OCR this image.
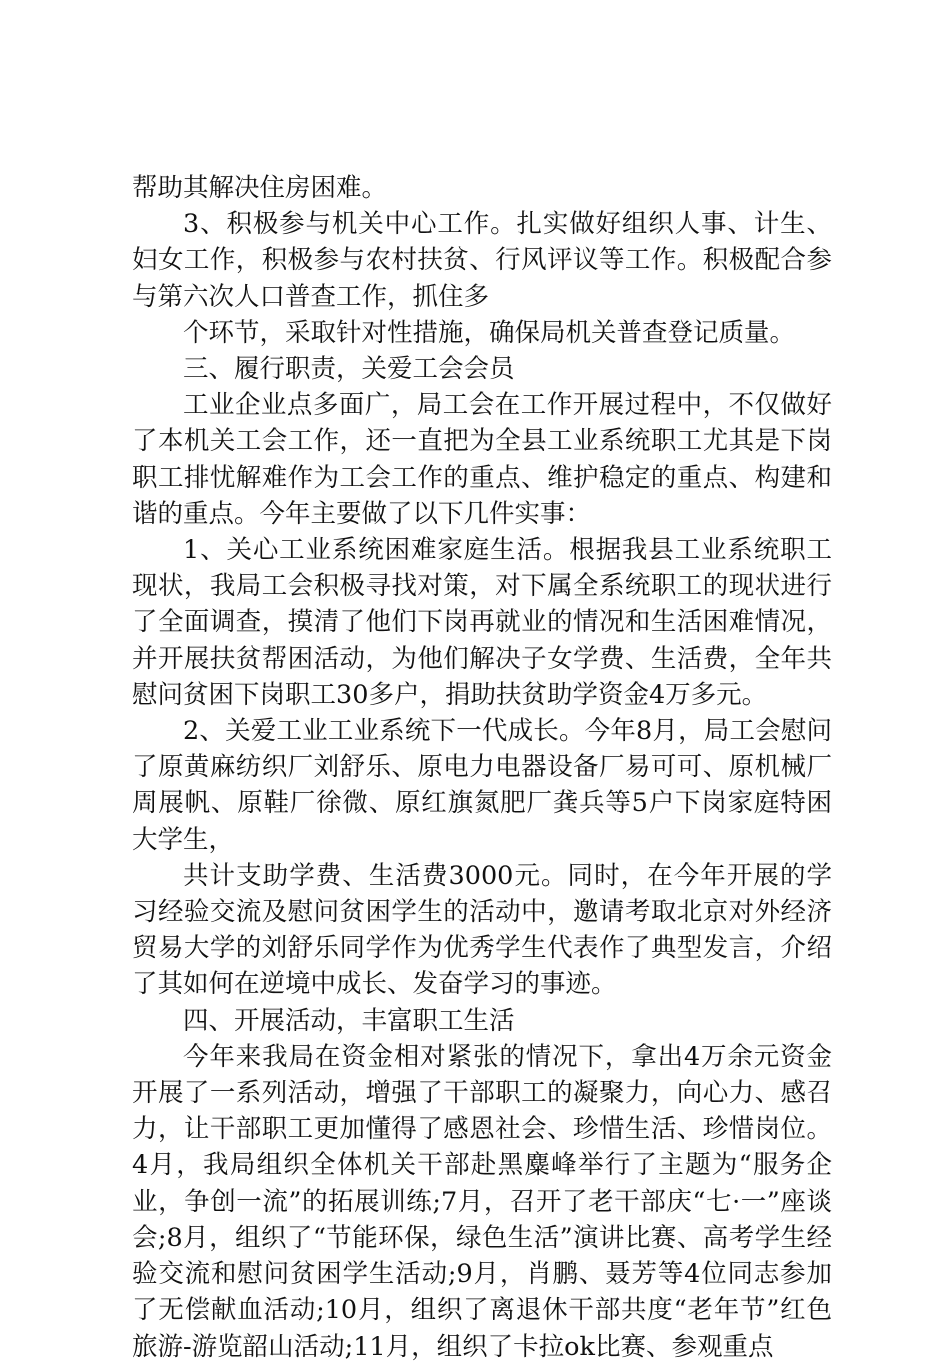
帮助其解决住房困难。

3、积极参与机关中心工作。扎实做好组织人事、计生、妇女工作，积极参与农村扶贫、行风评议等工作。积极配合参与第六次人口普查工作，抓住多

个环节，采取针对性措施，确保局机关普查登记质量。

三、履行职责，关爱工会会员

工业企业点多面广，局工会在工作开展过程中，不仅做好了本机关工会工作，还一直把为全县工业系统职工尤其是下岗职工排忧解难作为工会工作的重点、维护稳定的重点、构建和谐的重点。今年主要做了以下几件实事：

1、关心工业系统困难家庭生活。根据我县工业系统职工现状，我局工会积极寻找对策，对下属全系统职工的现状进行了全面调查，摸清了他们下岗再就业的情况和生活困难情况，并开展扶贫帮困活动，为他们解决子女学费、生活费，全年共慰问贫困下岗职工30多户，捐助扶贫助学资金4万多元。

2、关爱工业工业系统下一代成长。今年8月，局工会慰问了原黄麻纺织厂刘舒乐、原电力电器设备厂易可可、原机械厂周展帆、原鞋厂徐微、原红旗氮肥厂龚兵等5户下岗家庭特困大学生，

共计支助学费、生活费3000元。同时，在今年开展的学习经验交流及慰问贫困学生的活动中，邀请考取北京对外经济贸易大学的刘舒乐同学作为优秀学生代表作了典型发言，介绍了其如何在逆境中成长、发奋学习的事迹。

四、开展活动，丰富职工生活

今年来我局在资金相对紧张的情况下，拿出4万余元资金开展了一系列活动，增强了干部职工的凝聚力，向心力、感召力，让干部职工更加懂得了感恩社会、珍惜生活、珍惜岗位。4月，我局组织全体机关干部赴黑麋峰举行了主题为“服务企业，争创一流”的拓展训练;7月，召开了老干部庆“七·一”座谈会;8月，组织了“节能环保，绿色生活”演讲比赛、高考学生经验交流和慰问贫困学生活动;9月，肖鹏、聂芳等4位同志参加了无偿献血活动;10月，组织了离退休干部共度“老年节”红色旅游-游览韶山活动;11月，组织了卡拉ok比赛、参观重点
